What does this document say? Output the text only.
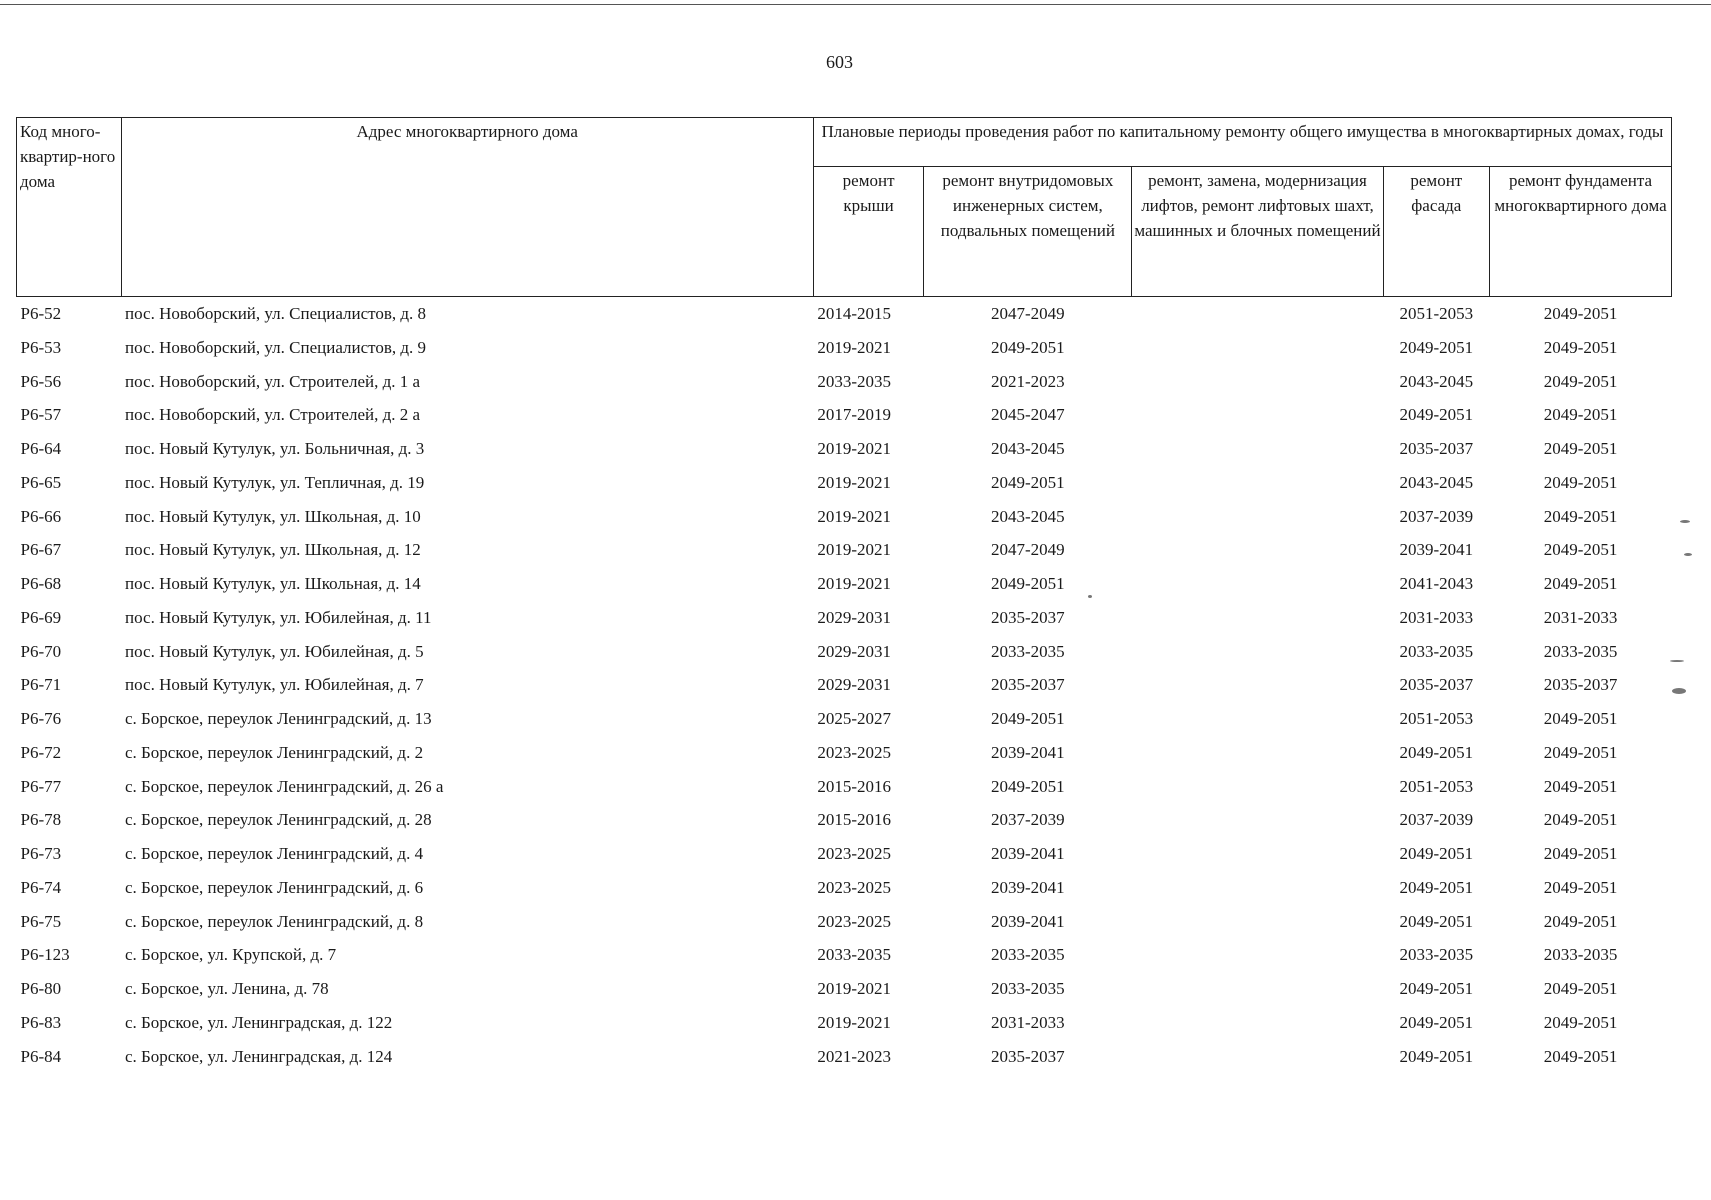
603
Код много-квартир-ного дома	Адрес многоквартирного дома	Плановые периоды проведения работ по капитальному ремонту общего имущества в многоквартирных домах, годы				
		ремонт крыши	ремонт внутридомовых инженерных систем, подвальных помещений	ремонт, замена, модернизация лифтов, ремонт лифтовых шахт, машинных и блочных помещений	ремонт фасада	ремонт фундамента многоквартирного дома
Р6-52	пос. Новоборский, ул. Специалистов, д. 8	2014-2015	2047-2049		2051-2053	2049-2051
Р6-53	пос. Новоборский, ул. Специалистов, д. 9	2019-2021	2049-2051		2049-2051	2049-2051
Р6-56	пос. Новоборский, ул. Строителей, д. 1 а	2033-2035	2021-2023		2043-2045	2049-2051
Р6-57	пос. Новоборский, ул. Строителей, д. 2 а	2017-2019	2045-2047		2049-2051	2049-2051
Р6-64	пос. Новый Кутулук, ул. Больничная, д. 3	2019-2021	2043-2045		2035-2037	2049-2051
Р6-65	пос. Новый Кутулук, ул. Тепличная, д. 19	2019-2021	2049-2051		2043-2045	2049-2051
Р6-66	пос. Новый Кутулук, ул. Школьная, д. 10	2019-2021	2043-2045		2037-2039	2049-2051
Р6-67	пос. Новый Кутулук, ул. Школьная, д. 12	2019-2021	2047-2049		2039-2041	2049-2051
Р6-68	пос. Новый Кутулук, ул. Школьная, д. 14	2019-2021	2049-2051		2041-2043	2049-2051
Р6-69	пос. Новый Кутулук, ул. Юбилейная, д. 11	2029-2031	2035-2037		2031-2033	2031-2033
Р6-70	пос. Новый Кутулук, ул. Юбилейная, д. 5	2029-2031	2033-2035		2033-2035	2033-2035
Р6-71	пос. Новый Кутулук, ул. Юбилейная, д. 7	2029-2031	2035-2037		2035-2037	2035-2037
Р6-76	с. Борское, переулок Ленинградский, д. 13	2025-2027	2049-2051		2051-2053	2049-2051
Р6-72	с. Борское, переулок Ленинградский, д. 2	2023-2025	2039-2041		2049-2051	2049-2051
Р6-77	с. Борское, переулок Ленинградский, д. 26 а	2015-2016	2049-2051		2051-2053	2049-2051
Р6-78	с. Борское, переулок Ленинградский, д. 28	2015-2016	2037-2039		2037-2039	2049-2051
Р6-73	с. Борское, переулок Ленинградский, д. 4	2023-2025	2039-2041		2049-2051	2049-2051
Р6-74	с. Борское, переулок Ленинградский, д. 6	2023-2025	2039-2041		2049-2051	2049-2051
Р6-75	с. Борское, переулок Ленинградский, д. 8	2023-2025	2039-2041		2049-2051	2049-2051
Р6-123	с. Борское, ул. Крупской, д. 7	2033-2035	2033-2035		2033-2035	2033-2035
Р6-80	с. Борское, ул. Ленина, д. 78	2019-2021	2033-2035		2049-2051	2049-2051
Р6-83	с. Борское, ул. Ленинградская, д. 122	2019-2021	2031-2033		2049-2051	2049-2051
Р6-84	с. Борское, ул. Ленинградская, д. 124	2021-2023	2035-2037		2049-2051	2049-2051
